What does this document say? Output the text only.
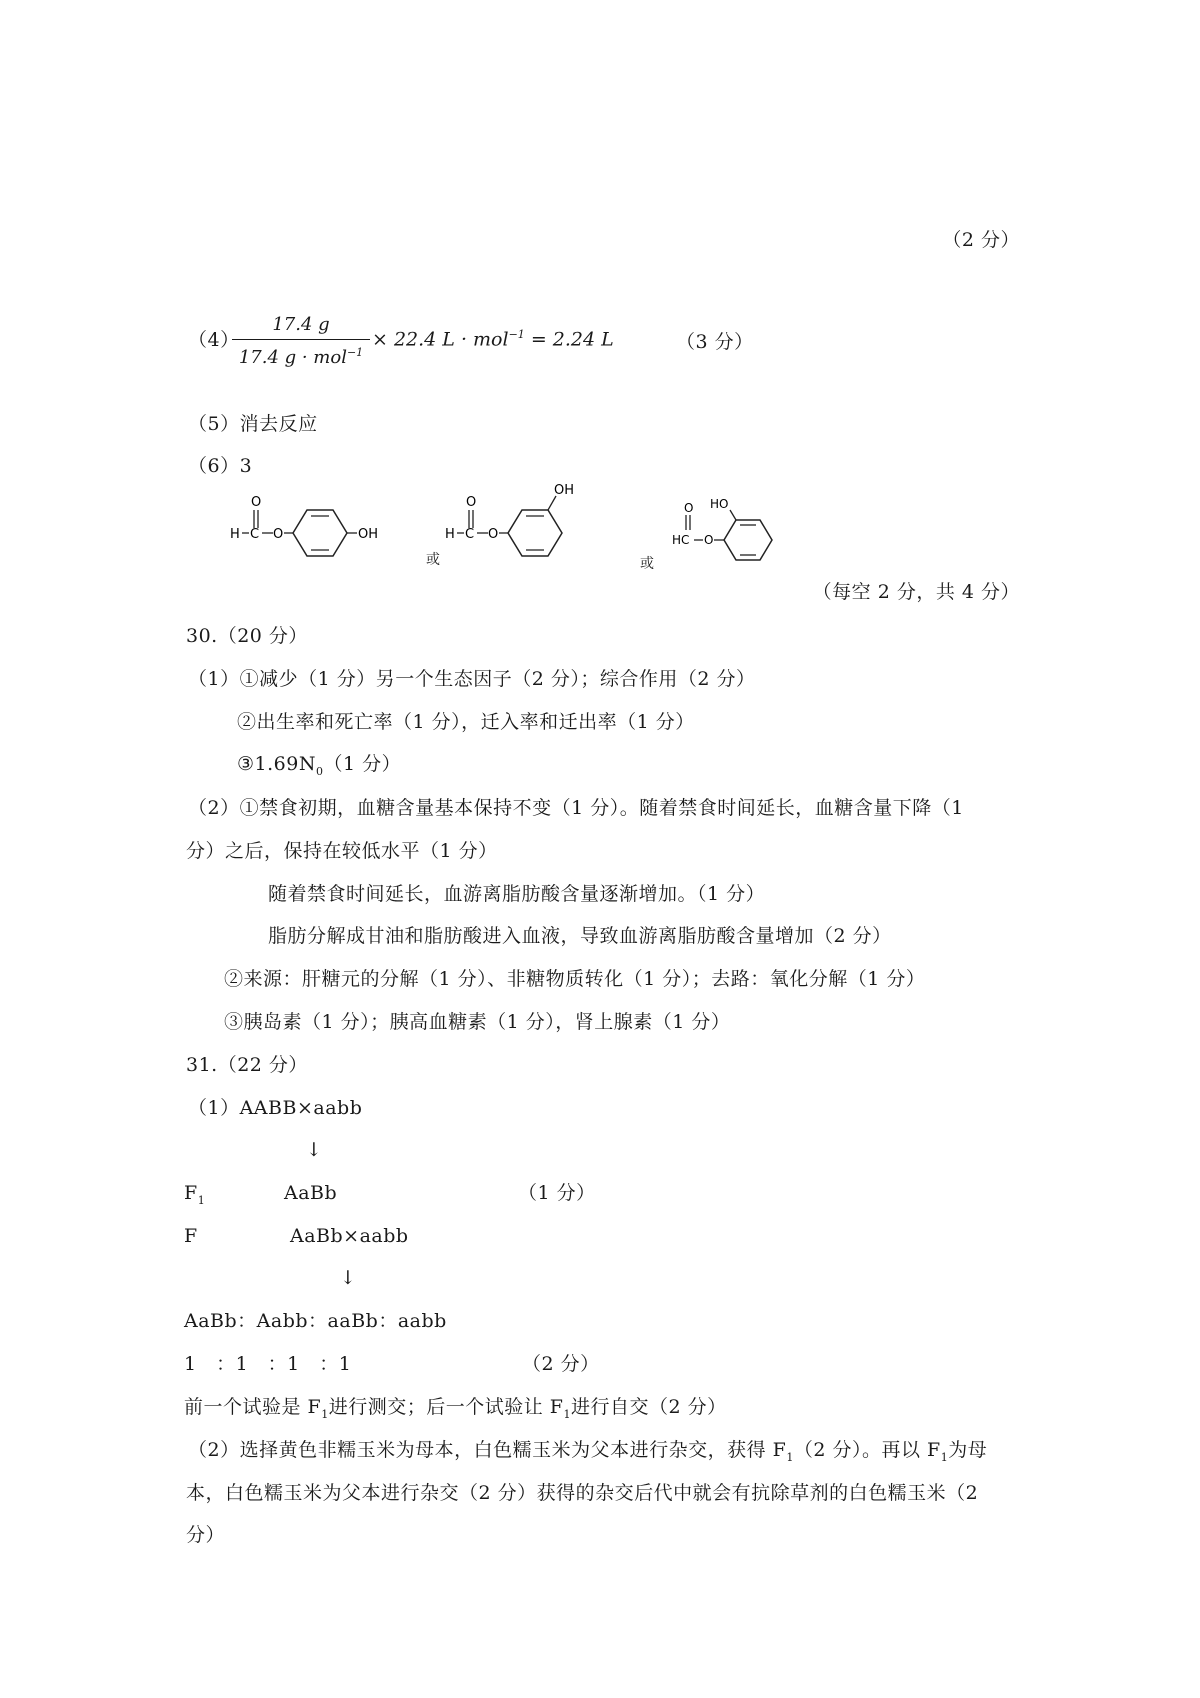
（2 分）
（4）
17.4 g
17.4 g · mol$^{-1}$
× 22.4 L · mol$^{-1}$ = 2.24 L	（3 分）
（5）消去反应
（6）3
O
H C O	OH
或
O
H C O
OH
或
O
HC O
HO
（每空 2 分，共 4 分）
30.（20 分）
（1）①减少（1 分）另一个生态因子（2 分）；综合作用（2 分）
②出生率和死亡率（1 分），迁入率和迁出率（1 分）
$③1.69N_0(1$ 分）
（2）①禁食初期，血糖含量基本保持不变（1 分）。随着禁食时间延长，血糖含量下降（1
分）之后，保持在较低水平（1 分）
随着禁食时间延长，血游离脂肪酸含量逐渐增加。（1 分）
脂肪分解成甘油和脂肪酸进入血液，导致血游离脂肪酸含量增加（2 分）
②来源：肝糖元的分解（1 分）、非糖物质转化（1 分）；去路：氧化分解（1 分）
③胰岛素（1 分）；胰高血糖素（1 分），肾上腺素（1 分）
31.（22 分）
（1）AABB×aabb
↓
$F_1$	AaBb	（1 分）
F	AaBb×aabb
↓
AaBb：Aabb：aaBb：aabb
1　：1　：1　：1	（2 分）
前一个试验是 $F_1$进行测交；后一个试验让 $F_1$进行自交（2 分）
（2）选择黄色非糯玉米为母本，白色糯玉米为父本进行杂交，获得 $F_1(2$ 分）。再以 $F_1$为母
本，白色糯玉米为父本进行杂交（2 分）获得的杂交后代中就会有抗除草剂的白色糯玉米（2
分）
